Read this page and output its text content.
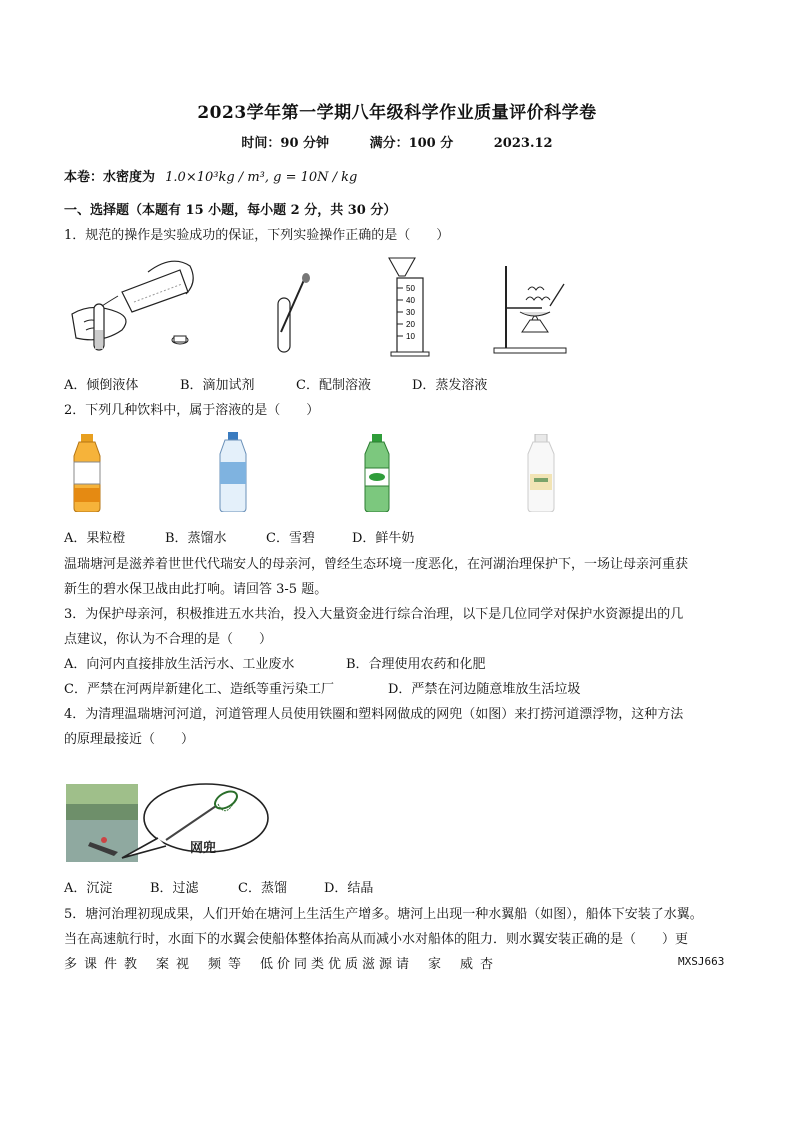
2023学年第一学期八年级科学作业质量评价科学卷
时间：90 分钟	满分：100 分	2023.12
本卷：水密度为 1.0×10³kg / m³, g = 10N / kg
一、选择题（本题有 15 小题，每小题 2 分，共 30 分）
1．规范的操作是实验成功的保证，下列实验操作正确的是（　　）
50
40
30
20
10
A．倾倒液体	B．滴加试剂	C．配制溶液	D．蒸发溶液
2．下列几种饮料中，属于溶液的是（　　）
A．果粒橙	B．蒸馏水	C．雪碧	D．鲜牛奶
温瑞塘河是滋养着世世代代瑞安人的母亲河，曾经生态环境一度恶化，在河湖治理保护下，一场让母亲河重获
新生的碧水保卫战由此打响。请回答 3-5 题。
3．为保护母亲河，积极推进五水共治，投入大量资金进行综合治理，以下是几位同学对保护水资源提出的几
点建议，你认为不合理的是（　　）
A．向河内直接排放生活污水、工业废水	B．合理使用农药和化肥
C．严禁在河两岸新建化工、造纸等重污染工厂	D．严禁在河边随意堆放生活垃圾
4．为清理温瑞塘河河道，河道管理人员使用铁圈和塑料网做成的网兜（如图）来打捞河道漂浮物，这种方法
的原理最接近（　　）
网兜
A．沉淀	B．过滤	C．蒸馏	D．结晶
5．塘河治理初现成果，人们开始在塘河上生活生产增多。塘河上出现一种水翼船（如图），船体下安装了水翼。
当在高速航行时，水面下的水翼会使船体整体抬高从而减小水对船体的阻力．则水翼安装正确的是（　　）更
多 课 件 教 案 视 频 等 低 价 同 类 优 质 滋 源 请 家 威 杏	MXSJ663
